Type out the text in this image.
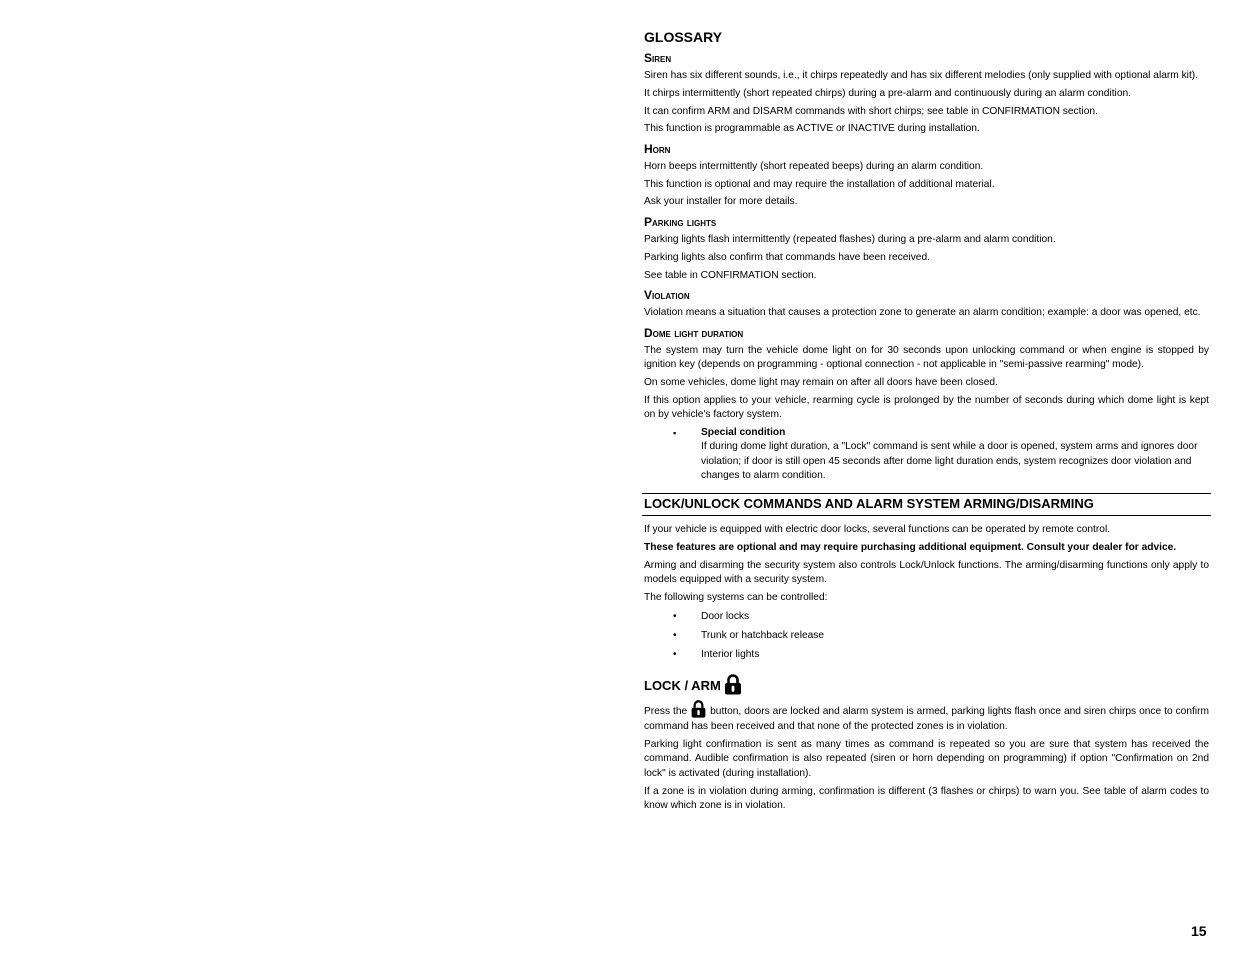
GLOSSARY
Siren

Siren has six different sounds, i.e., it chirps repeatedly and has six different melodies (only supplied with optional alarm kit).

It chirps intermittently (short repeated chirps) during a pre-alarm and continuously during an alarm condition.

It can confirm ARM and DISARM commands with short chirps; see table in CONFIRMATION section.

This function is programmable as ACTIVE or INACTIVE during installation.

Horn

Horn beeps intermittently (short repeated beeps) during an alarm condition.

This function is optional and may require the installation of additional material.

Ask your installer for more details.

Parking lights

Parking lights flash intermittently (repeated flashes) during a pre-alarm and alarm condition.

Parking lights also confirm that commands have been received.

See table in CONFIRMATION section.

Violation

Violation means a situation that causes a protection zone to generate an alarm condition; example: a door was opened, etc.

Dome light duration

The system may turn the vehicle dome light on for 30 seconds upon unlocking command or when engine is stopped by ignition key (depends on programming - optional connection - not applicable in "semi-passive rearming" mode).

On some vehicles, dome light may remain on after all doors have been closed.

If this option applies to your vehicle, rearming cycle is prolonged by the number of seconds during which dome light is kept on by vehicle's factory system.

▪ Special condition
If during dome light duration, a "Lock" command is sent while a door is opened, system arms and ignores door violation; if door is still open 45 seconds after dome light duration ends, system recognizes door violation and changes to alarm condition.
LOCK/UNLOCK COMMANDS AND ALARM SYSTEM ARMING/DISARMING

If your vehicle is equipped with electric door locks, several functions can be operated by remote control.

These features are optional and may require purchasing additional equipment. Consult your dealer for advice.

Arming and disarming the security system also controls Lock/Unlock functions. The arming/disarming functions only apply to models equipped with a security system.

The following systems can be controlled:

• Door locks
• Trunk or hatchback release
• Interior lights
LOCK / ARM

Press the button, doors are locked and alarm system is armed, parking lights flash once and siren chirps once to confirm command has been received and that none of the protected zones is in violation.

Parking light confirmation is sent as many times as command is repeated so you are sure that system has received the command. Audible confirmation is also repeated (siren or horn depending on programming) if option "Confirmation on 2nd lock" is activated (during installation).

If a zone is in violation during arming, confirmation is different (3 flashes or chirps) to warn you. See table of alarm codes to know which zone is in violation.

15
